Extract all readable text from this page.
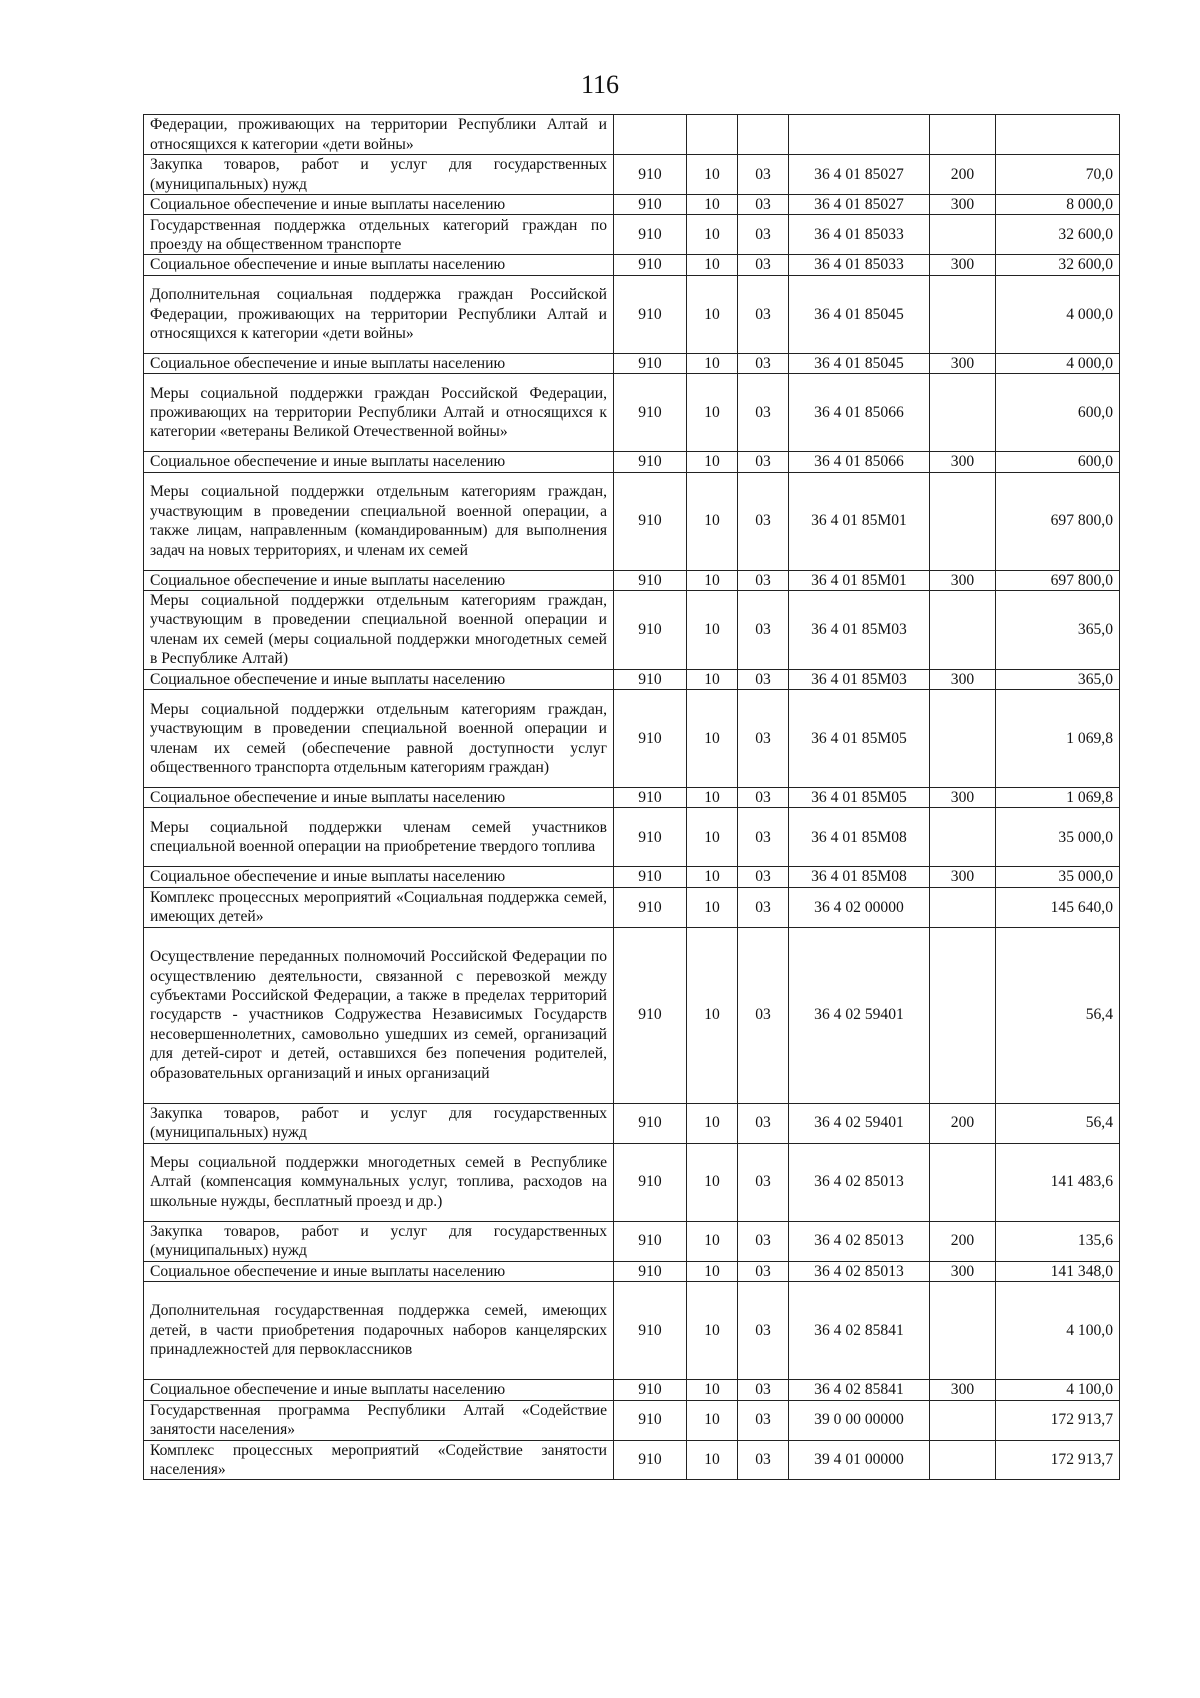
116
Федерации, проживающих на территории Республики Алтай и относящихся к категории «дети войны»						
Закупка товаров, работ и услуг для государственных (муниципальных) нужд	910	10	03	36 4 01 85027	200	70,0
Социальное обеспечение и иные выплаты населению	910	10	03	36 4 01 85027	300	8 000,0
Государственная поддержка отдельных категорий граждан по проезду на общественном транспорте	910	10	03	36 4 01 85033		32 600,0
Социальное обеспечение и иные выплаты населению	910	10	03	36 4 01 85033	300	32 600,0
Дополнительная социальная поддержка граждан Российской Федерации, проживающих на территории Республики Алтай и относящихся к категории «дети войны»	910	10	03	36 4 01 85045		4 000,0
Социальное обеспечение и иные выплаты населению	910	10	03	36 4 01 85045	300	4 000,0
Меры социальной поддержки граждан Российской Федерации, проживающих на территории Республики Алтай и относящихся к категории «ветераны Великой Отечественной войны»	910	10	03	36 4 01 85066		600,0
Социальное обеспечение и иные выплаты населению	910	10	03	36 4 01 85066	300	600,0
Меры социальной поддержки отдельным категориям граждан, участвующим в проведении специальной военной операции, а также лицам, направленным (командированным) для выполнения задач на новых территориях, и членам их семей	910	10	03	36 4 01 85М01		697 800,0
Социальное обеспечение и иные выплаты населению	910	10	03	36 4 01 85М01	300	697 800,0
Меры социальной поддержки отдельным категориям граждан, участвующим в проведении специальной военной операции и членам их семей (меры социальной поддержки многодетных семей в Республике Алтай)	910	10	03	36 4 01 85М03		365,0
Социальное обеспечение и иные выплаты населению	910	10	03	36 4 01 85М03	300	365,0
Меры социальной поддержки отдельным категориям граждан, участвующим в проведении специальной военной операции и членам их семей (обеспечение равной доступности услуг общественного транспорта отдельным категориям граждан)	910	10	03	36 4 01 85М05		1 069,8
Социальное обеспечение и иные выплаты населению	910	10	03	36 4 01 85М05	300	1 069,8
Меры социальной поддержки членам семей участников специальной военной операции на приобретение твердого топлива	910	10	03	36 4 01 85М08		35 000,0
Социальное обеспечение и иные выплаты населению	910	10	03	36 4 01 85М08	300	35 000,0
Комплекс процессных мероприятий «Социальная поддержка семей, имеющих детей»	910	10	03	36 4 02 00000		145 640,0
Осуществление переданных полномочий Российской Федерации по осуществлению деятельности, связанной с перевозкой между субъектами Российской Федерации, а также в пределах территорий государств - участников Содружества Независимых Государств несовершеннолетних, самовольно ушедших из семей, организаций для детей-сирот и детей, оставшихся без попечения родителей, образовательных организаций и иных организаций	910	10	03	36 4 02 59401		56,4
Закупка товаров, работ и услуг для государственных (муниципальных) нужд	910	10	03	36 4 02 59401	200	56,4
Меры социальной поддержки многодетных семей в Республике Алтай (компенсация коммунальных услуг, топлива, расходов на школьные нужды, бесплатный проезд и др.)	910	10	03	36 4 02 85013		141 483,6
Закупка товаров, работ и услуг для государственных (муниципальных) нужд	910	10	03	36 4 02 85013	200	135,6
Социальное обеспечение и иные выплаты населению	910	10	03	36 4 02 85013	300	141 348,0
Дополнительная государственная поддержка семей, имеющих детей, в части приобретения подарочных наборов канцелярских принадлежностей для первоклассников	910	10	03	36 4 02 85841		4 100,0
Социальное обеспечение и иные выплаты населению	910	10	03	36 4 02 85841	300	4 100,0
Государственная программа Республики Алтай «Содействие занятости населения»	910	10	03	39 0 00 00000		172 913,7
Комплекс процессных мероприятий «Содействие занятости населения»	910	10	03	39 4 01 00000		172 913,7
